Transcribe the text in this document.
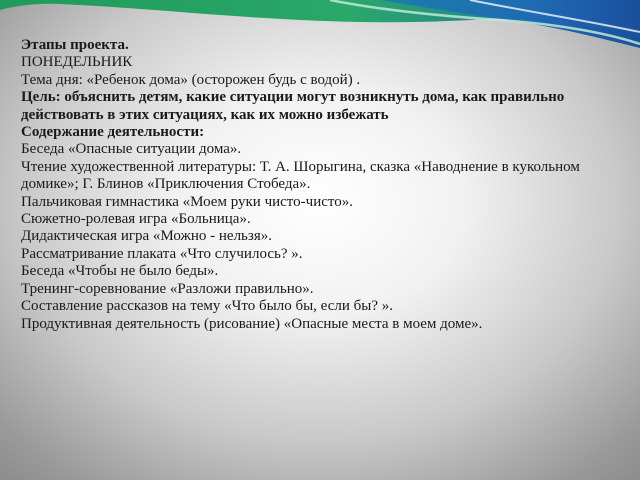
Этапы проекта.
ПОНЕДЕЛЬНИК
Тема дня: «Ребенок дома» (осторожен будь с водой) .
Цель: объяснить детям, какие ситуации могут возникнуть дома, как правильно действовать в этих ситуациях, как их можно избежать
Содержание деятельности:
Беседа «Опасные ситуации дома».
Чтение художественной литературы: Т. А. Шорыгина, сказка «Наводнение в кукольном домике»; Г. Блинов «Приключения Стобеда».
Пальчиковая гимнастика «Моем руки чисто-чисто».
Сюжетно-ролевая игра «Больница».
Дидактическая игра «Можно - нельзя».
Рассматривание плаката «Что случилось? ».
Беседа «Чтобы не было беды».
Тренинг-соревнование «Разложи правильно».
Составление рассказов на тему «Что было бы, если бы? ».
Продуктивная деятельность (рисование) «Опасные места в моем доме».
